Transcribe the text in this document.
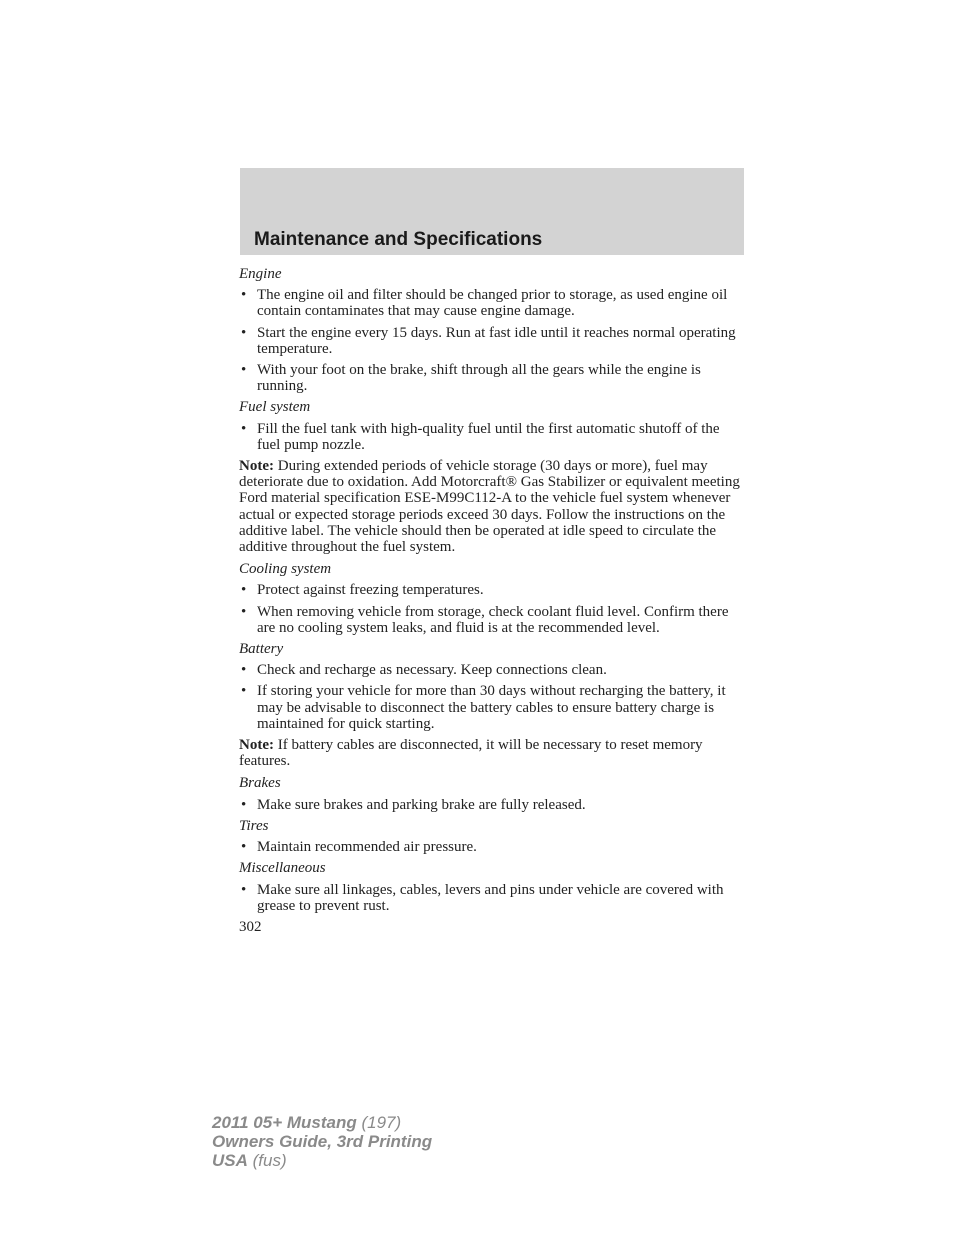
Maintenance and Specifications
Engine
• The engine oil and filter should be changed prior to storage, as used engine oil contain contaminates that may cause engine damage.
• Start the engine every 15 days. Run at fast idle until it reaches normal operating temperature.
• With your foot on the brake, shift through all the gears while the engine is running.
Fuel system
• Fill the fuel tank with high-quality fuel until the first automatic shutoff of the fuel pump nozzle.
Note: During extended periods of vehicle storage (30 days or more), fuel may deteriorate due to oxidation. Add Motorcraft® Gas Stabilizer or equivalent meeting Ford material specification ESE-M99C112-A to the vehicle fuel system whenever actual or expected storage periods exceed 30 days. Follow the instructions on the additive label. The vehicle should then be operated at idle speed to circulate the additive throughout the fuel system.
Cooling system
• Protect against freezing temperatures.
• When removing vehicle from storage, check coolant fluid level. Confirm there are no cooling system leaks, and fluid is at the recommended level.
Battery
• Check and recharge as necessary. Keep connections clean.
• If storing your vehicle for more than 30 days without recharging the battery, it may be advisable to disconnect the battery cables to ensure battery charge is maintained for quick starting.
Note: If battery cables are disconnected, it will be necessary to reset memory features.
Brakes
• Make sure brakes and parking brake are fully released.
Tires
• Maintain recommended air pressure.
Miscellaneous
• Make sure all linkages, cables, levers and pins under vehicle are covered with grease to prevent rust.
302
2011 05+ Mustang (197)
Owners Guide, 3rd Printing
USA (fus)
